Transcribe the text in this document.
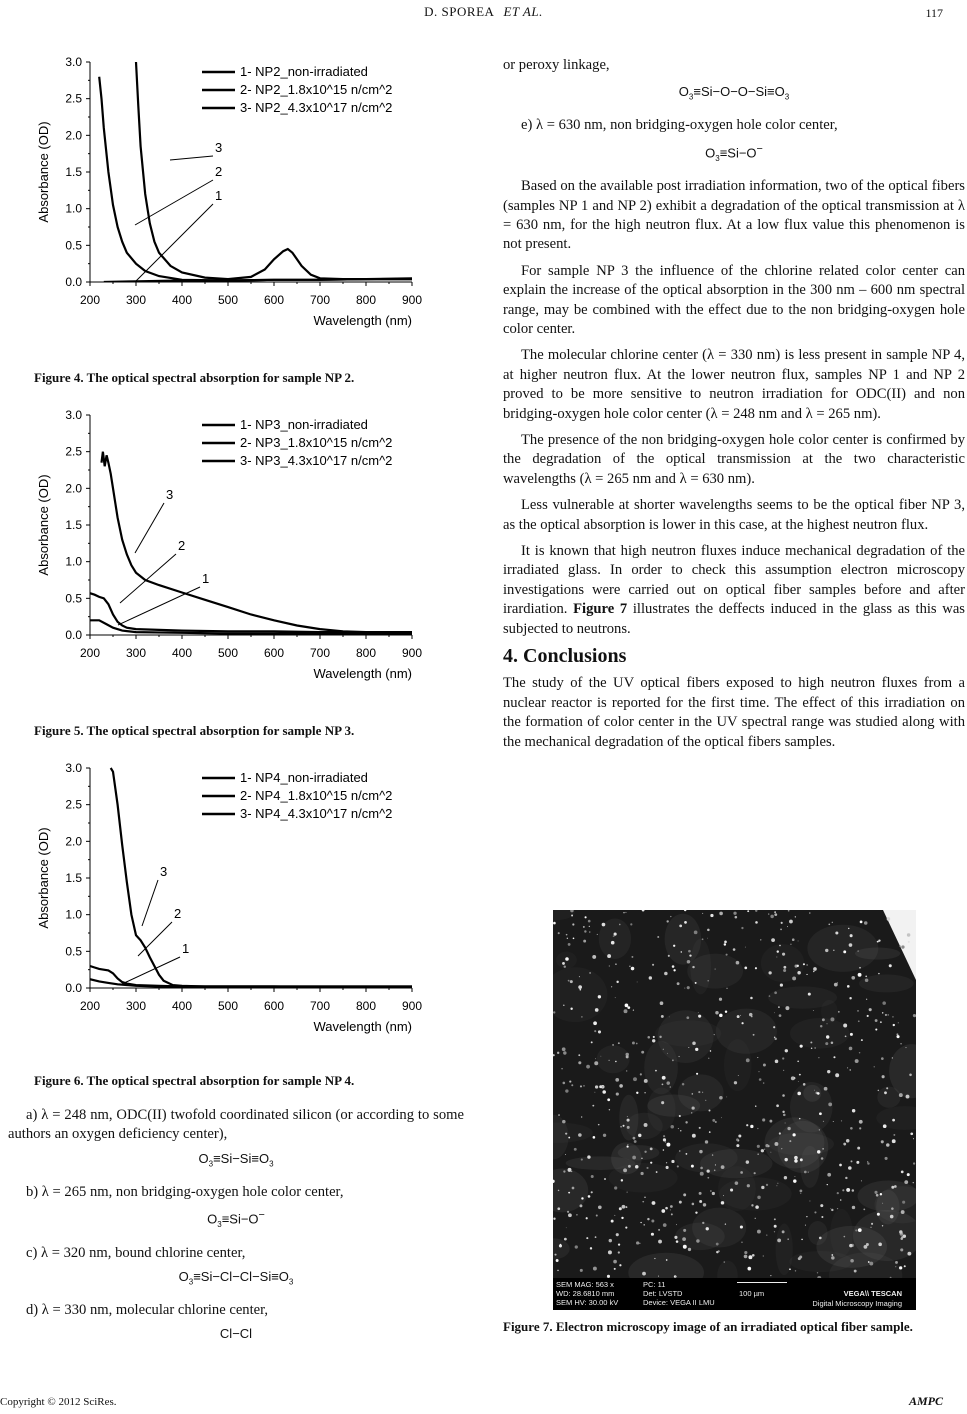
D. SPOREA ET AL.	117
0.0
0.5
1.0
1.5
2.0
2.5
3.0
200 300 400 500 600 700 800 900
Wavelength (nm)
Absorbance (OD)
1- NP2_non-irradiated
2- NP2_1.8x10^15 n/cm^2
3- NP2_4.3x10^17 n/cm^2
3
2
1
Figure 4. The optical spectral absorption for sample NP 2.
0.0
0.5
1.0
1.5
2.0
2.5
3.0
200 300 400 500 600 700 800 900
Wavelength (nm)
Absorbance (OD)
1- NP3_non-irradiated
2- NP3_1.8x10^15 n/cm^2
3- NP3_4.3x10^17 n/cm^2
3
2
1
Figure 5. The optical spectral absorption for sample NP 3.
0.0
0.5
1.0
1.5
2.0
2.5
3.0
200 300 400 500 600 700 800 900
Wavelength (nm)
Absorbance (OD)
1- NP4_non-irradiated
2- NP4_1.8x10^15 n/cm^2
3- NP4_4.3x10^17 n/cm^2
3
2
1
Figure 6. The optical spectral absorption for sample NP 4.
a) λ = 248 nm, ODC(II) twofold coordinated silicon (or according to some authors an oxygen deficiency center),
$O_3\equiv Si-Si\equiv O_3$
b) λ = 265 nm, non bridging-oxygen hole color center,
$O_3\equiv Si-O^-$
c) λ = 320 nm, bound chlorine center,
$O_3\equiv Si-Cl-Cl-Si\equiv O_3$
d) λ = 330 nm, molecular chlorine center,
Cl−Cl

or peroxy linkage,

$O_3\equiv Si-O-O-Si\equiv O_3$
e) λ = 630 nm, non bridging-oxygen hole color center,
$O_3\equiv Si-O^-$

Based on the available post irradiation information, two of the optical fibers (samples NP 1 and NP 2) exhibit a degradation of the optical transmission at λ = 630 nm, for the high neutron flux. At a low flux value this phenomenon is not present.

For sample NP 3 the influence of the chlorine related color center can explain the increase of the optical absorption in the 300 nm – 600 nm spectral range, may be combined with the effect due to the non bridging-oxygen hole color center.

The molecular chlorine center (λ = 330 nm) is less present in sample NP 4, at higher neutron flux. At the lower neutron flux, samples NP 1 and NP 2 proved to be more sensitive to neutron irradiation for ODC(II) and non bridging-oxygen hole color center (λ = 248 nm and λ = 265 nm).

The presence of the non bridging-oxygen hole color center is confirmed by the degradation of the optical transmission at the two characteristic wavelengths (λ = 265 nm and λ = 630 nm).

Less vulnerable at shorter wavelengths seems to be the optical fiber NP 3, as the optical absorption is lower in this case, at the highest neutron flux.

It is known that high neutron fluxes induce mechanical degradation of the irradiated glass. In order to check this assumption electron microscopy investigations were carried out on optical fiber samples before and after irardiation. Figure 7 illustrates the deffects induced in the glass as this was subjected to neutrons.

4. Conclusions

The study of the UV optical fibers exposed to high neutron fluxes from a nuclear reactor is reported for the first time. The effect of this irradiation on the formation of color center in the UV spectral range was studied along with the mechanical degradation of the optical fibers samples.

SEM MAG: 563 x
WD: 28.6810 mm
SEM HV: 30.00 kV
PC: 11
Det: LVSTD
Device: VEGA II LMU
100 µm	VEGA\\ TESCAN
Digital Microscopy Imaging
Figure 7. Electron microscopy image of an irradiated optical fiber sample.
Copyright © 2012 SciRes.	AMPC
